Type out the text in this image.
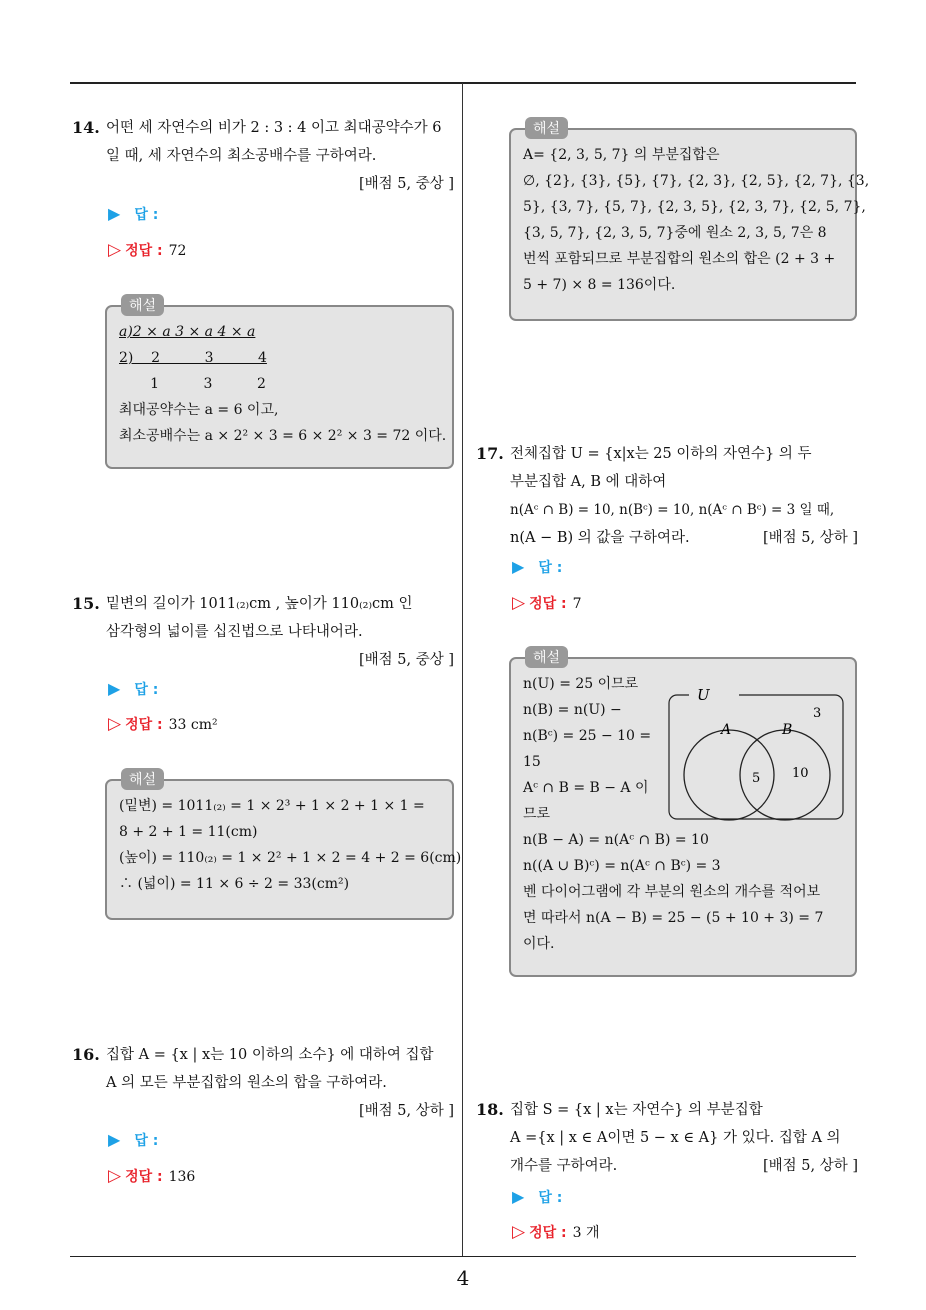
4
14. 어떤 세 자연수의 비가 2 : 3 : 4 이고 최대공약수가 6
일 때, 세 자연수의 최소공배수를 구하여라.
[배점 5, 중상 ]
▶ 답 :
▷ 정답 : 72
해설
a)2 × a 3 × a 4 × a
2)    2          3          4
1          3          2
최대공약수는 a = 6 이고,
최소공배수는 a × 2² × 3 = 6 × 2² × 3 = 72 이다.
15. 밑변의 길이가 1011₍₂₎cm , 높이가 110₍₂₎cm 인
삼각형의 넓이를 십진법으로 나타내어라.
[배점 5, 중상 ]
▶ 답 :
▷ 정답 : 33 cm²
해설
(밑변) = 1011₍₂₎ = 1 × 2³ + 1 × 2 + 1 × 1 =
8 + 2 + 1 = 11(cm)
(높이) = 110₍₂₎ = 1 × 2² + 1 × 2 = 4 + 2 = 6(cm)
∴ (넓이) = 11 × 6 ÷ 2 = 33(cm²)
16. 집합 A = {x | x는 10 이하의 소수} 에 대하여 집합
A 의 모든 부분집합의 원소의 합을 구하여라.
[배점 5, 상하 ]
▶ 답 :
▷ 정답 : 136
해설
A= {2, 3, 5, 7} 의 부분집합은
∅, {2}, {3}, {5}, {7}, {2, 3}, {2, 5}, {2, 7}, {3,
5}, {3, 7}, {5, 7}, {2, 3, 5}, {2, 3, 7}, {2, 5, 7},
{3, 5, 7}, {2, 3, 5, 7}중에 원소 2, 3, 5, 7은 8
번씩 포함되므로 부분집합의 원소의 합은 (2 + 3 +
5 + 7) × 8 = 136이다.
17. 전체집합 U = {x|x는 25 이하의 자연수} 의 두
부분집합 A, B 에 대하여
n(Aᶜ ∩ B) = 10, n(Bᶜ) = 10, n(Aᶜ ∩ Bᶜ) = 3 일 때,
n(A − B) 의 값을 구하여라.	[배점 5, 상하 ]
▶ 답 :
▷ 정답 : 7
해설
n(U) = 25 이므로
n(B) = n(U) −
n(Bᶜ) = 25 − 10 =
15
Aᶜ ∩ B = B − A 이
므로
n(B − A) = n(Aᶜ ∩ B) = 10
n((A ∪ B)ᶜ) = n(Aᶜ ∩ Bᶜ) = 3
벤 다이어그램에 각 부분의 원소의 개수를 적어보
면 따라서 n(A − B) = 25 − (5 + 10 + 3) = 7
이다.
U
A	B
3
5 10
18. 집합 S = {x | x는 자연수} 의 부분집합
A ={x | x ∈ A이면 5 − x ∈ A} 가 있다. 집합 A 의
개수를 구하여라.	[배점 5, 상하 ]
▶ 답 :
▷ 정답 : 3 개
